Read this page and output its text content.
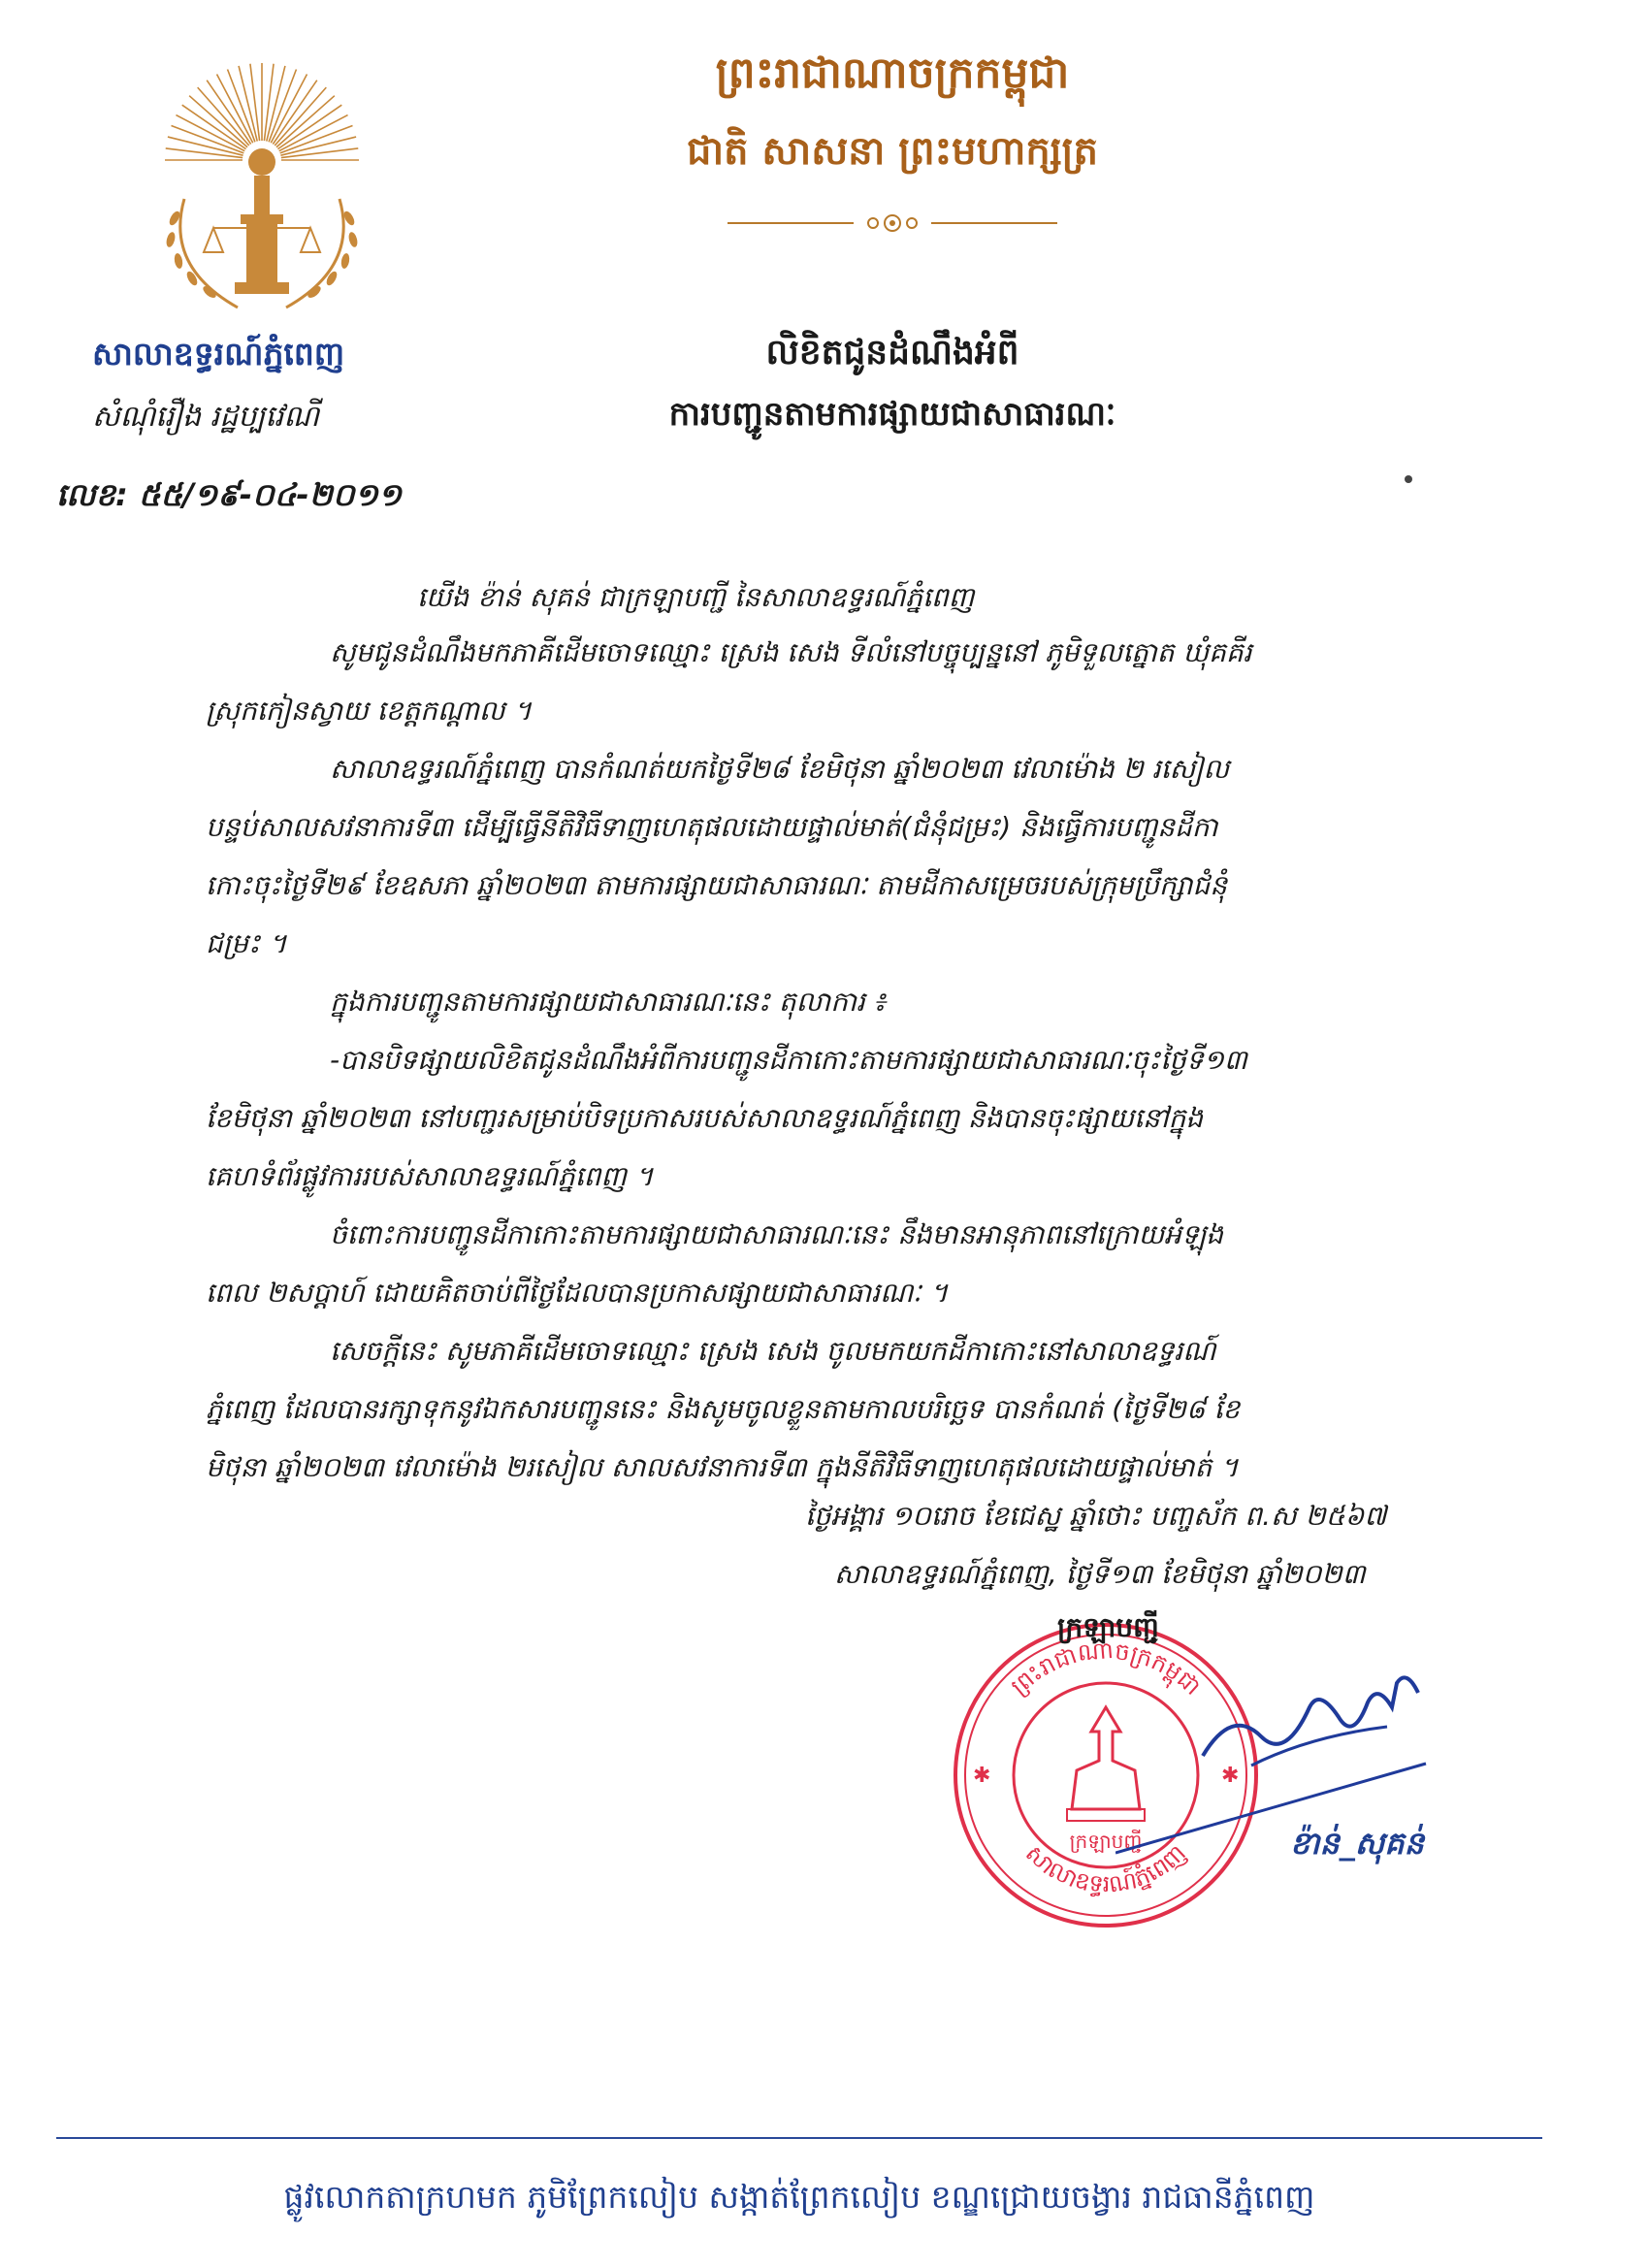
ព្រះរាជាណាចក្រកម្ពុជា
ជាតិ សាសនា ព្រះមហាក្សត្រ
សាលាឧទ្ធរណ៍ភ្នំពេញ
សំណុំរឿង រដ្ឋប្បវេណី
លេខ: ៥៥/១៩-០៤-២០១១
លិខិតជូនដំណឹងអំពី
ការបញ្ជូនតាមការផ្សាយជាសាធារណៈ
យើង ខ៉ាន់ សុគន់ ជាក្រឡាបញ្ជី នៃសាលាឧទ្ធរណ៍ភ្នំពេញ
សូមជូនដំណឹងមកភាគីដើមចោទឈ្មោះ ស្រេង សេង ទីលំនៅបច្ចុប្បន្ននៅ ភូមិទួលត្នោត ឃុំគគីរ
ស្រុកកៀនស្វាយ ខេត្តកណ្ដាល ។
សាលាឧទ្ធរណ៍ភ្នំពេញ បានកំណត់យកថ្ងៃទី២៨ ខែមិថុនា ឆ្នាំ២០២៣ វេលាម៉ោង ២ រសៀល
បន្ទប់សាលសវនាការទី៣ ដើម្បីធ្វើនីតិវិធីទាញហេតុផលដោយផ្ទាល់មាត់(ជំនុំជម្រះ) និងធ្វើការបញ្ជូនដីកា
កោះចុះថ្ងៃទី២៩ ខែឧសភា ឆ្នាំ២០២៣ តាមការផ្សាយជាសាធារណៈ តាមដីកាសម្រេចរបស់ក្រុមប្រឹក្សាជំនុំ
ជម្រះ ។
ក្នុងការបញ្ជូនតាមការផ្សាយជាសាធារណៈនេះ តុលាការ ៖
-បានបិទផ្សាយលិខិតជូនដំណឹងអំពីការបញ្ជូនដីកាកោះតាមការផ្សាយជាសាធារណៈចុះថ្ងៃទី១៣
ខែមិថុនា ឆ្នាំ២០២៣ នៅបញ្ជរសម្រាប់បិទប្រកាសរបស់សាលាឧទ្ធរណ៍ភ្នំពេញ និងបានចុះផ្សាយនៅក្នុង
គេហទំព័រផ្លូវការរបស់សាលាឧទ្ធរណ៍ភ្នំពេញ ។
ចំពោះការបញ្ជូនដីកាកោះតាមការផ្សាយជាសាធារណៈនេះ នឹងមានអានុភាពនៅក្រោយអំឡុង
ពេល ២សប្ដាហ៍ ដោយគិតចាប់ពីថ្ងៃដែលបានប្រកាសផ្សាយជាសាធារណៈ ។
សេចក្ដីនេះ សូមភាគីដើមចោទឈ្មោះ ស្រេង សេង ចូលមកយកដីកាកោះនៅសាលាឧទ្ធរណ៍
ភ្នំពេញ ដែលបានរក្សាទុកនូវឯកសារបញ្ជូននេះ និងសូមចូលខ្លួនតាមកាលបរិច្ឆេទ បានកំណត់ (ថ្ងៃទី២៨ ខែ
មិថុនា ឆ្នាំ២០២៣ វេលាម៉ោង ២រសៀល សាលសវនាការទី៣ ក្នុងនីតិវិធីទាញហេតុផលដោយផ្ទាល់មាត់ ។
ថ្ងៃអង្គារ ១០រោច ខែជេស្ឋ ឆ្នាំថោះ បញ្ចស័ក ព.ស ២៥៦៧
សាលាឧទ្ធរណ៍ភ្នំពេញ, ថ្ងៃទី១៣ ខែមិថុនា ឆ្នាំ២០២៣
ព្រះរាជាណាចក្រកម្ពុជា
សាលាឧទ្ធរណ៍ភ្នំពេញ
✱	✱
ក្រឡាបញ្ជី
ក្រឡាបញ្ជី
ខ៉ាន់_សុគន់
ផ្លូវលោកតាក្រហមក ភូមិព្រែកលៀប សង្កាត់ព្រែកលៀប ខណ្ឌជ្រោយចង្វារ រាជធានីភ្នំពេញ
